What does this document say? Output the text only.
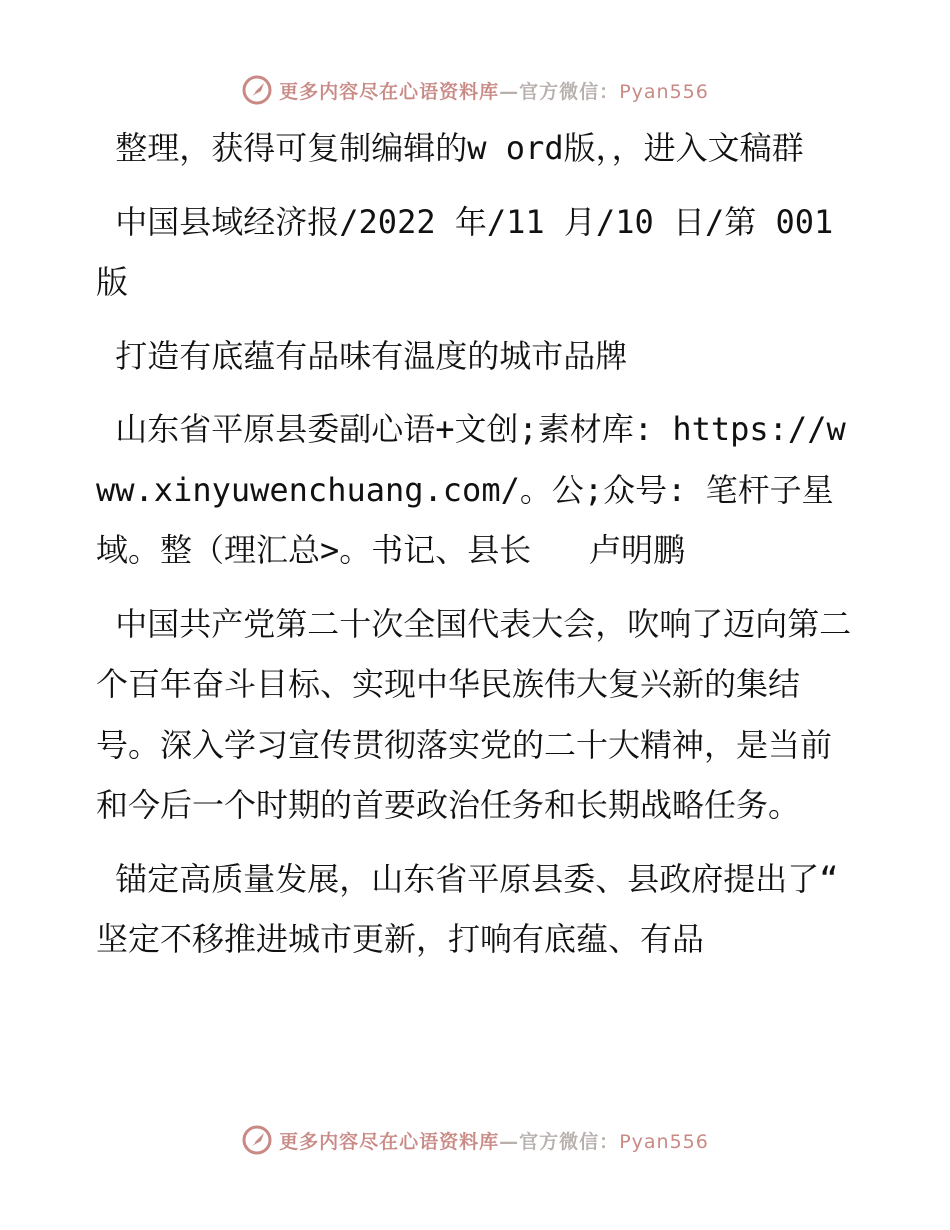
更多内容尽在心语资料库—官方微信：Pyan556

整理，获得可复制编辑的w ord版，，进入文稿群

中国县域经济报/2022 年/11 月/10 日/第 001 版

打造有底蕴有品味有温度的城市品牌

山东省平原县委副心语+文创;素材库: https://www.xinyuwenchuang.com/。公;众号: 笔杆子星域。整（理汇总>。书记、县长   卢明鹏

中国共产党第二十次全国代表大会，吹响了迈向第二个百年奋斗目标、实现中华民族伟大复兴新的集结号。深入学习宣传贯彻落实党的二十大精神，是当前和今后一个时期的首要政治任务和长期战略任务。

锚定高质量发展，山东省平原县委、县政府提出了“ 坚定不移推进城市更新，打响有底蕴、有品

更多内容尽在心语资料库—官方微信：Pyan556
